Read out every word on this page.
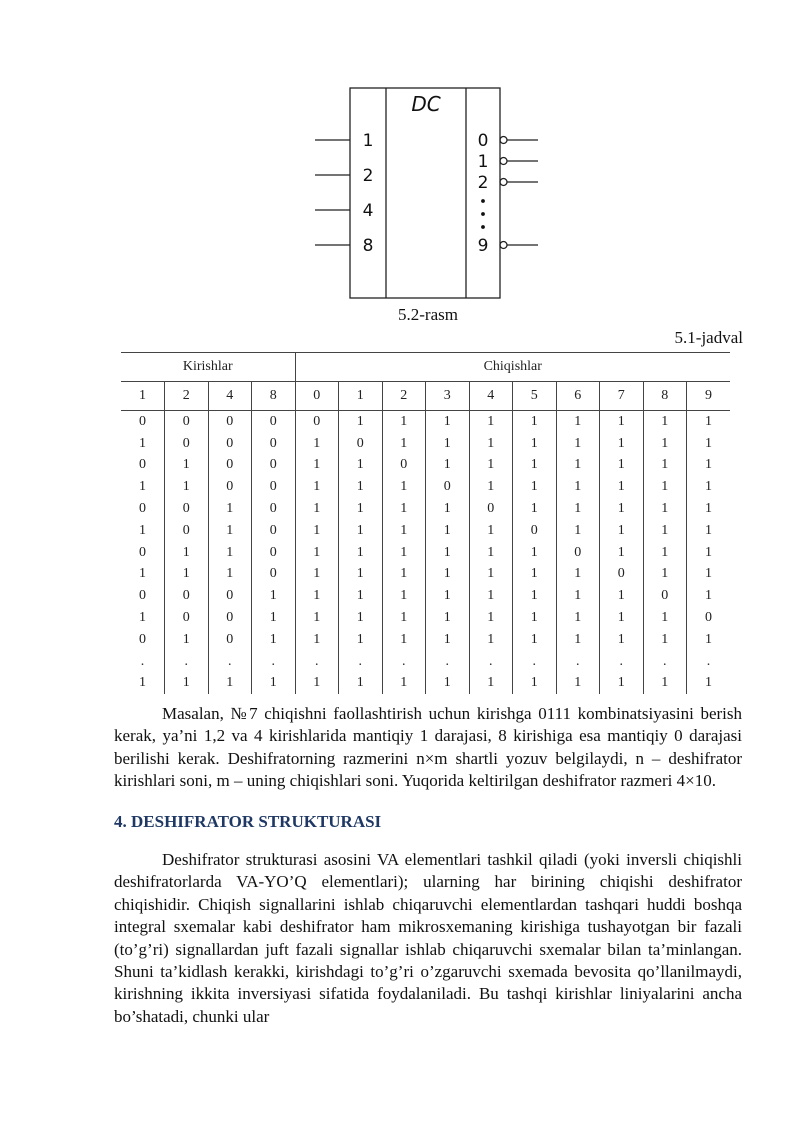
DC
1
2
4
8
0
1
2
9
5.2-rasm
5.1-jadval
Kirishlar				Chiqishlar									
1	2	4	8	0	1	2	3	4	5	6	7	8	9
0	0	0	0	0	1	1	1	1	1	1	1	1	1
1	0	0	0	1	0	1	1	1	1	1	1	1	1
0	1	0	0	1	1	0	1	1	1	1	1	1	1
1	1	0	0	1	1	1	0	1	1	1	1	1	1
0	0	1	0	1	1	1	1	0	1	1	1	1	1
1	0	1	0	1	1	1	1	1	0	1	1	1	1
0	1	1	0	1	1	1	1	1	1	0	1	1	1
1	1	1	0	1	1	1	1	1	1	1	0	1	1
0	0	0	1	1	1	1	1	1	1	1	1	0	1
1	0	0	1	1	1	1	1	1	1	1	1	1	0
0	1	0	1	1	1	1	1	1	1	1	1	1	1
.	.	.	.	.	.	.	.	.	.	.	.	.	.
1	1	1	1	1	1	1	1	1	1	1	1	1	1

Masalan, №7 chiqishni faollashtirish uchun kirishga 0111 kombinatsiyasini berish kerak, ya’ni 1,2 va 4 kirishlarida mantiqiy 1 darajasi, 8 kirishiga esa mantiqiy 0 darajasi berilishi kerak. Deshifratorning razmerini n×m shartli yozuv belgilaydi, n – deshifrator kirishlari soni, m – uning chiqishlari soni. Yuqorida keltirilgan deshifrator razmeri 4×10.

4. DESHIFRATOR STRUKTURASI

Deshifrator strukturasi asosini VA elementlari tashkil qiladi (yoki inversli chiqishli deshifratorlarda VA-YO’Q elementlari); ularning har birining chiqishi deshifrator chiqishidir. Chiqish signallarini ishlab chiqaruvchi elementlardan tashqari huddi boshqa integral sxemalar kabi deshifrator ham mikrosxemaning kirishiga tushayotgan bir fazali (to’g’ri) signallardan juft fazali signallar ishlab chiqaruvchi sxemalar bilan ta’minlangan. Shuni ta’kidlash kerakki, kirishdagi to’g’ri o’zgaruvchi sxemada bevosita qo’llanilmaydi, kirishning ikkita inversiyasi sifatida foydalaniladi. Bu tashqi kirishlar liniyalarini ancha bo’shatadi, chunki ular
